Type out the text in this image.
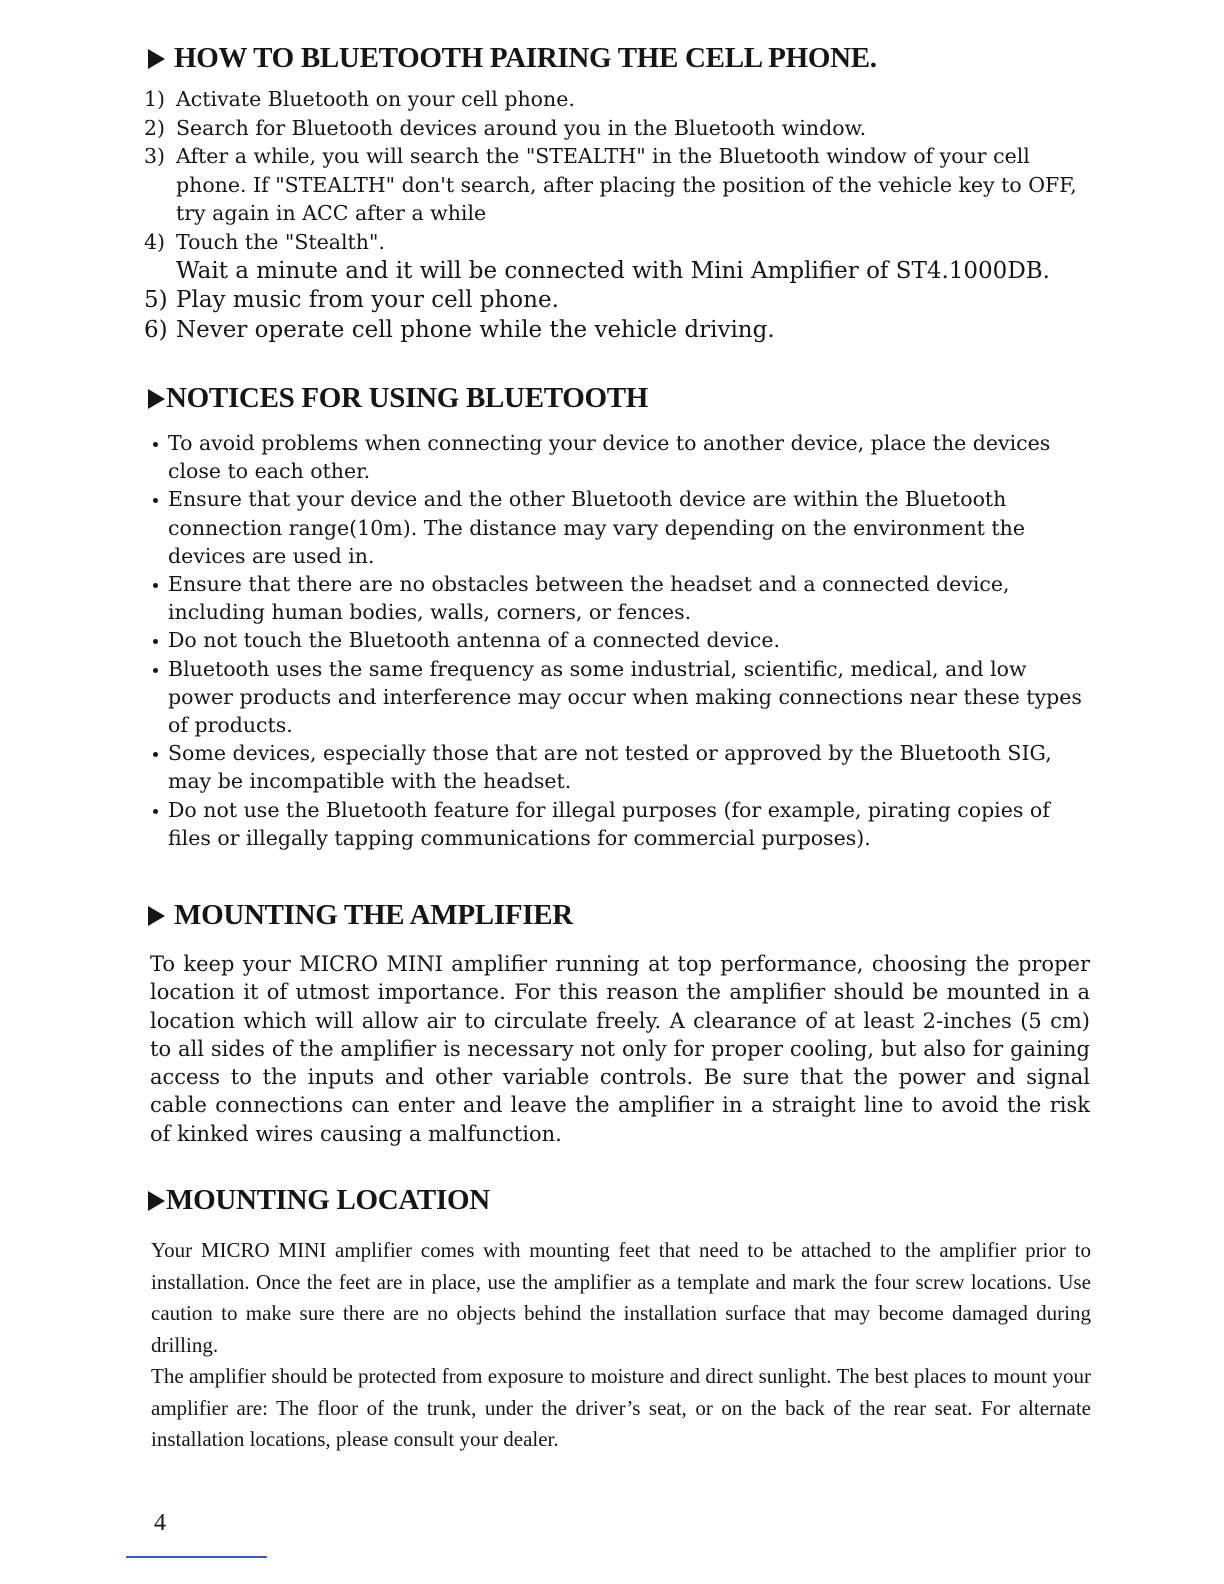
HOW TO BLUETOOTH PAIRING THE CELL PHONE.
1) Activate Bluetooth on your cell phone.
2) Search for Bluetooth devices around you in the Bluetooth window.
3) After a while, you will search the "STEALTH" in the Bluetooth window of your cell phone. If "STEALTH" don't search, after placing the position of the vehicle key to OFF, try again in ACC after a while
4) Touch the "Stealth".
Wait a minute and it will be connected with Mini Amplifier of ST4.1000DB.
5) Play music from your cell phone.
6) Never operate cell phone while the vehicle driving.
NOTICES FOR USING BLUETOOTH
To avoid problems when connecting your device to another device, place the devices close to each other.
Ensure that your device and the other Bluetooth device are within the Bluetooth connection range(10m). The distance may vary depending on the environment the devices are used in.
Ensure that there are no obstacles between the headset and a connected device, including human bodies, walls, corners, or fences.
Do not touch the Bluetooth antenna of a connected device.
Bluetooth uses the same frequency as some industrial, scientific, medical, and low power products and interference may occur when making connections near these types of products.
Some devices, especially those that are not tested or approved by the Bluetooth SIG, may be incompatible with the headset.
Do not use the Bluetooth feature for illegal purposes (for example, pirating copies of files or illegally tapping communications for commercial purposes).
MOUNTING THE AMPLIFIER

To keep your MICRO MINI amplifier running at top performance, choosing the proper location it of utmost importance. For this reason the amplifier should be mounted in a location which will allow air to circulate freely. A clearance of at least 2-inches (5 cm) to all sides of the amplifier is necessary not only for proper cooling, but also for gaining access to the inputs and other variable controls. Be sure that the power and signal cable connections can enter and leave the amplifier in a straight line to avoid the risk of kinked wires causing a malfunction.

MOUNTING LOCATION

Your MICRO MINI amplifier comes with mounting feet that need to be attached to the amplifier prior to installation. Once the feet are in place, use the amplifier as a template and mark the four screw locations. Use caution to make sure there are no objects behind the installation surface that may become damaged during drilling.

The amplifier should be protected from exposure to moisture and direct sunlight. The best places to mount your amplifier are: The floor of the trunk, under the driver’s seat, or on the back of the rear seat. For alternate installation locations, please consult your dealer.

4
